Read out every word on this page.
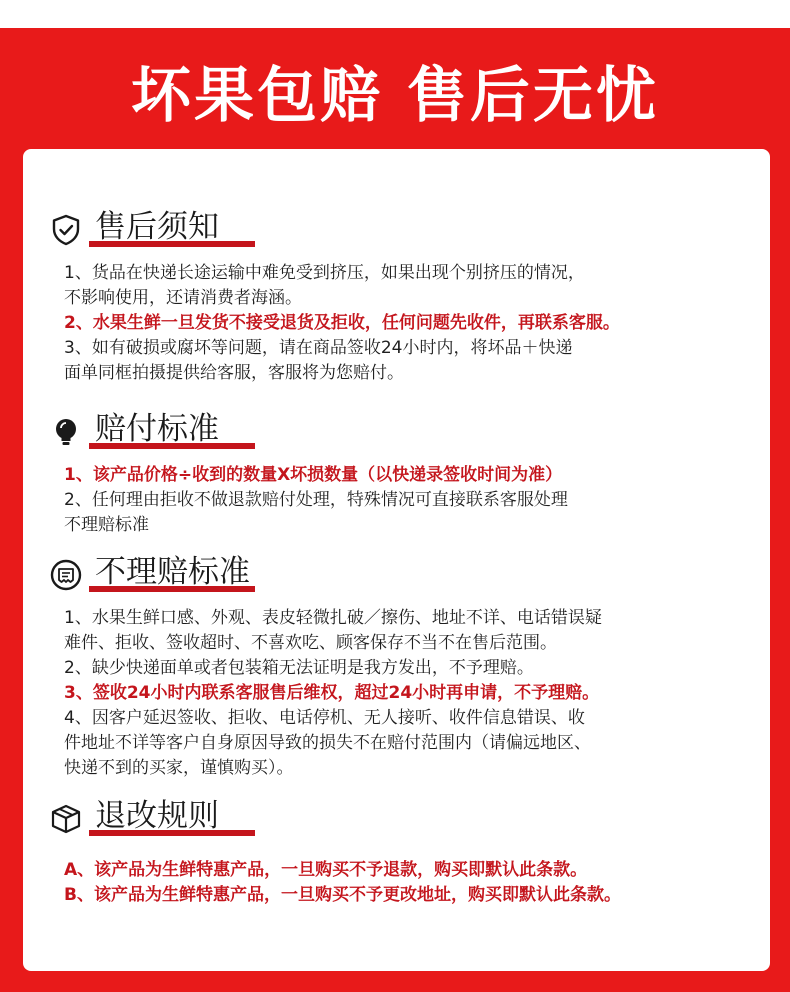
坏果包赔 售后无忧
售后须知
1、货品在快递长途运输中难免受到挤压，如果出现个别挤压的情况，
不影响使用，还请消费者海涵。
2、水果生鲜一旦发货不接受退货及拒收，任何问题先收件，再联系客服。
3、如有破损或腐坏等问题，请在商品签收24小时内，将坏品＋快递
面单同框拍摄提供给客服，客服将为您赔付。
赔付标准
1、该产品价格÷收到的数量X坏损数量（以快递录签收时间为准）
2、任何理由拒收不做退款赔付处理，特殊情况可直接联系客服处理
不理赔标准
不理赔标准
1、水果生鲜口感、外观、表皮轻微扎破／擦伤、地址不详、电话错误疑
难件、拒收、签收超时、不喜欢吃、顾客保存不当不在售后范围。
2、缺少快递面单或者包装箱无法证明是我方发出，不予理赔。
3、签收24小时内联系客服售后维权，超过24小时再申请，不予理赔。
4、因客户延迟签收、拒收、电话停机、无人接听、收件信息错误、收
件地址不详等客户自身原因导致的损失不在赔付范围内（请偏远地区、
快递不到的买家，谨慎购买）。
退改规则
A、该产品为生鲜特惠产品，一旦购买不予退款，购买即默认此条款。
B、该产品为生鲜特惠产品，一旦购买不予更改地址，购买即默认此条款。
